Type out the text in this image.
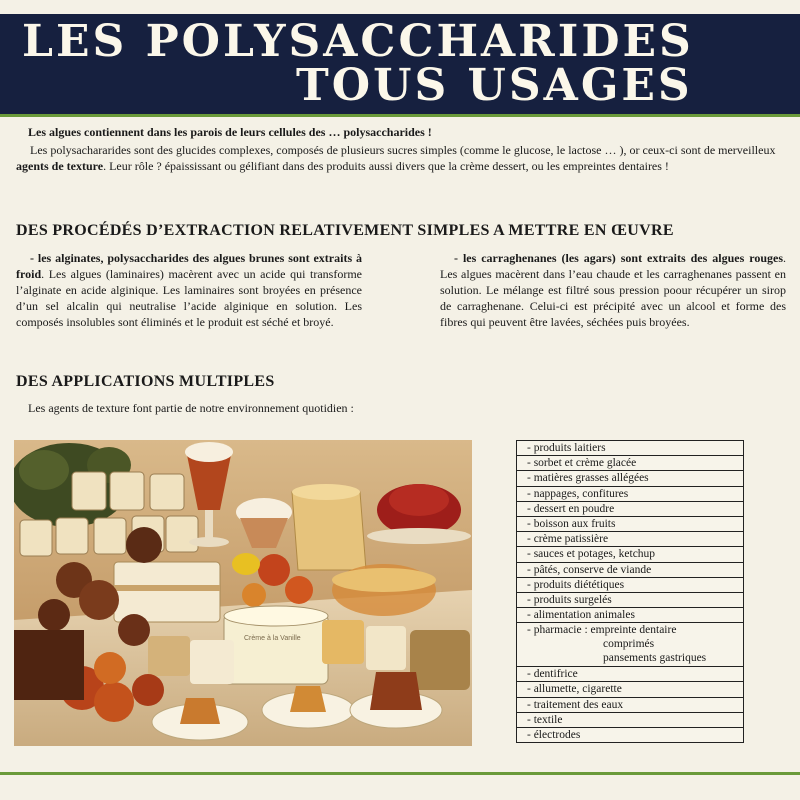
LES POLYSACCHARIDES
TOUS USAGES
Les algues contiennent dans les parois de leurs cellules des … polysaccharides !
Les polysachararides sont des glucides complexes, composés de plusieurs sucres simples (comme le glucose, le lactose … ), or ceux-ci sont de merveilleux agents de texture. Leur rôle ? épaississant ou gélifiant dans des produits aussi divers que la crème dessert, ou les empreintes dentaires !
DES PROCÉDÉS D’EXTRACTION RELATIVEMENT SIMPLES A METTRE EN ŒUVRE
- les alginates, polysaccharides des algues brunes sont extraits à froid. Les algues (laminaires) macèrent avec un acide qui transforme l’alginate en acide alginique. Les laminaires sont broyées en présence d’un sel alcalin qui neutralise l’acide alginique en solution. Les composés insolubles sont éliminés et le produit est séché et broyé.
- les carraghenanes (les agars) sont extraits des algues rouges. Les algues macèrent dans l’eau chaude et les carraghenanes passent en solution. Le mélange est filtré sous pression poour récupérer un sirop de carraghenane. Celui-ci est précipité avec un alcool et forme des fibres qui peuvent être lavées, séchées puis broyées.
DES APPLICATIONS MULTIPLES
Les agents de texture font partie de notre environnement quotidien :
Crème à la Vanille
- produits laitiers
- sorbet et crème glacée
- matières grasses allégées
- nappages, confitures
- dessert en poudre
- boisson aux fruits
- crème patissière
- sauces et potages, ketchup
- pâtés, conserve de viande
- produits diététiques
- produits surgelés
- alimentation animales
- pharmacie : empreinte dentaire
comprimés
pansements gastriques
- dentifrice
- allumette, cigarette
- traitement des eaux
- textile
- électrodes
